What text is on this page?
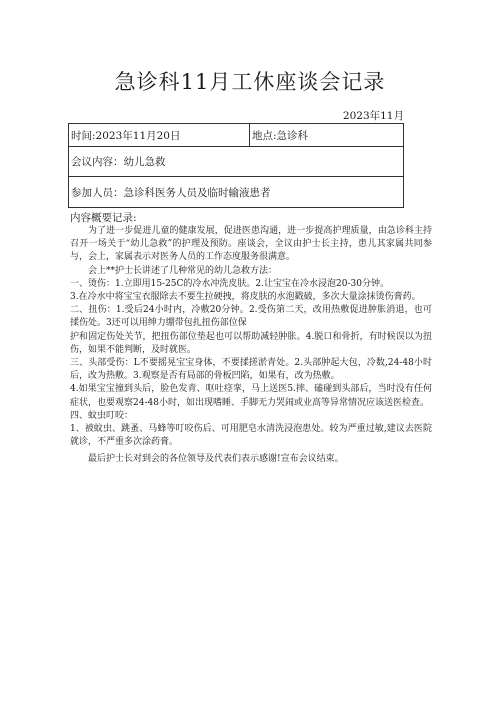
急诊科11月工休座谈会记录
2023年11月
时间:2023年11月20日	地点:急诊科
会议内容：幼儿急救
参加人员：急诊科医务人员及临时输液患者
内容概要记录:

为了进一步促进儿童的健康发展，促进医患沟通，进一步提高护理质量，由急诊科主持召开一场关于“幼儿急救”的护理及预防。座谈会，全议由护士长主持，患儿其家属共同参与，会上，家属表示对医务人员的工作态度服务很满意。

会上**护士长讲述了几种常见的幼儿急救方法：

一、烫伤：1.立即用15-25C的冷水冲洗皮肤。2.让宝宝在冷水浸泡20-30分钟。

3.在冷水中将宝宝衣服除去不要生拉硬拽，将皮肤的水泡戳破，多次大量涂抹烫伤膏药。

二、扭伤：1.受后24小时内，冷敷20分钟。2.受伤第二天，改用热敷促进肿胀消退，也可揉伤处。3还可以用绅力绷带包扎扭伤部位保

护和固定伤处关节，把扭伤部位垫起也可以帮助减轻肿胀。4.脱口和骨折，有时候误以为扭伤，如果不能判断，及时就医。

三、头部受伤：L不要摇晃宝宝身体，不要揉搓淤青处。2.头部肿起大包，冷数,24-48小时后，改为热敷。3.观察是否有局部的骨板凹陷，如果有，改为热敷。

4.如果宝宝撞到头后，脸色发青、呕吐痉挛，马上送医5.摔、磕碰到头部后，当时没有任何症状，也要观察24-48小时，如出现嗜睡、手脚无力哭闹或业高等异常情况应该送医检查。

四、蚊虫叮咬：

1、被蚊虫、跳蚤、马蜂等叮咬伤后、可用肥皂水清洗浸泡患处。较为严重过敏,建议去医院就诊，不严重多次涂药膏。

最后护士长对到会的各位领导及代表们表示感谢!宣布会议结束。
